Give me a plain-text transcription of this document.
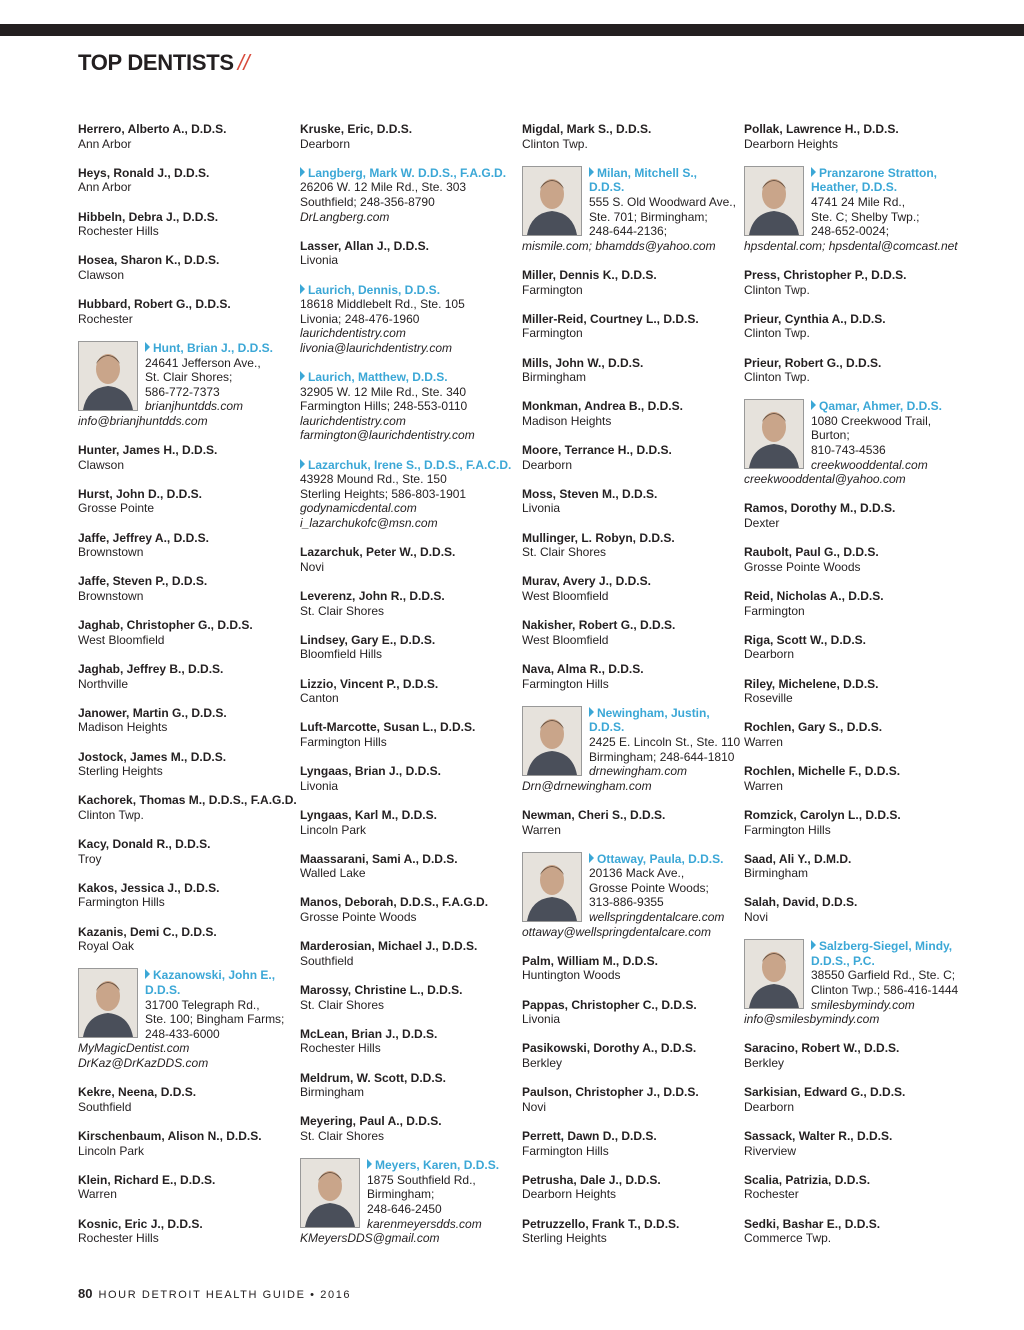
TOP DENTISTS //
Herrero, Alberto A., D.D.S.
Ann Arbor
Heys, Ronald J., D.D.S.
Ann Arbor
Hibbeln, Debra J., D.D.S.
Rochester Hills
Hosea, Sharon K., D.D.S.
Clawson
Hubbard, Robert G., D.D.S.
Rochester
Hunt, Brian J., D.D.S.
24641 Jefferson Ave.,
St. Clair Shores;
586-772-7373
brianjhuntdds.com
info@brianjhuntdds.com
Hunter, James H., D.D.S.
Clawson
Hurst, John D., D.D.S.
Grosse Pointe
Jaffe, Jeffrey A., D.D.S.
Brownstown
Jaffe, Steven P., D.D.S.
Brownstown
Jaghab, Christopher G., D.D.S.
West Bloomfield
Jaghab, Jeffrey B., D.D.S.
Northville
Janower, Martin G., D.D.S.
Madison Heights
Jostock, James M., D.D.S.
Sterling Heights
Kachorek, Thomas M., D.D.S., F.A.G.D.
Clinton Twp.
Kacy, Donald R., D.D.S.
Troy
Kakos, Jessica J., D.D.S.
Farmington Hills
Kazanis, Demi C., D.D.S.
Royal Oak
Kazanowski, John E., D.D.S.
31700 Telegraph Rd.,
Ste. 100; Bingham Farms;
248-433-6000
MyMagicDentist.com
DrKaz@DrKazDDS.com
Kekre, Neena, D.D.S.
Southfield
Kirschenbaum, Alison N., D.D.S.
Lincoln Park
Klein, Richard E., D.D.S.
Warren
Kosnic, Eric J., D.D.S.
Rochester Hills
Kruske, Eric, D.D.S.
Dearborn
Langberg, Mark W. D.D.S., F.A.G.D.
26206 W. 12 Mile Rd., Ste. 303
Southfield; 248-356-8790
DrLangberg.com
Lasser, Allan J., D.D.S.
Livonia
Laurich, Dennis, D.D.S.
18618 Middlebelt Rd., Ste. 105
Livonia; 248-476-1960
laurichdentistry.com
livonia@laurichdentistry.com
Laurich, Matthew, D.D.S.
32905 W. 12 Mile Rd., Ste. 340
Farmington Hills; 248-553-0110
laurichdentistry.com
farmington@laurichdentistry.com
Lazarchuk, Irene S., D.D.S., F.A.C.D.
43928 Mound Rd., Ste. 150
Sterling Heights; 586-803-1901
godynamicdental.com
i_lazarchukofc@msn.com
Lazarchuk, Peter W., D.D.S.
Novi
Leverenz, John R., D.D.S.
St. Clair Shores
Lindsey, Gary E., D.D.S.
Bloomfield Hills
Lizzio, Vincent P., D.D.S.
Canton
Luft-Marcotte, Susan L., D.D.S.
Farmington Hills
Lyngaas, Brian J., D.D.S.
Livonia
Lyngaas, Karl M., D.D.S.
Lincoln Park
Maassarani, Sami A., D.D.S.
Walled Lake
Manos, Deborah, D.D.S., F.A.G.D.
Grosse Pointe Woods
Marderosian, Michael J., D.D.S.
Southfield
Marossy, Christine L., D.D.S.
St. Clair Shores
McLean, Brian J., D.D.S.
Rochester Hills
Meldrum, W. Scott, D.D.S.
Birmingham
Meyering, Paul A., D.D.S.
St. Clair Shores
Meyers, Karen, D.D.S.
1875 Southfield Rd.,
Birmingham;
248-646-2450
karenmeyersdds.com
KMeyersDDS@gmail.com
Migdal, Mark S., D.D.S.
Clinton Twp.
Milan, Mitchell S., D.D.S.
555 S. Old Woodward Ave.,
Ste. 701; Birmingham;
248-644-2136;
mismile.com; bhamdds@yahoo.com
Miller, Dennis K., D.D.S.
Farmington
Miller-Reid, Courtney L., D.D.S.
Farmington
Mills, John W., D.D.S.
Birmingham
Monkman, Andrea B., D.D.S.
Madison Heights
Moore, Terrance H., D.D.S.
Dearborn
Moss, Steven M., D.D.S.
Livonia
Mullinger, L. Robyn, D.D.S.
St. Clair Shores
Murav, Avery J., D.D.S.
West Bloomfield
Nakisher, Robert G., D.D.S.
West Bloomfield
Nava, Alma R., D.D.S.
Farmington Hills
Newingham, Justin, D.D.S.
2425 E. Lincoln St., Ste. 110
Birmingham; 248-644-1810
drnewingham.com
Drn@drnewingham.com
Newman, Cheri S., D.D.S.
Warren
Ottaway, Paula, D.D.S.
20136 Mack Ave.,
Grosse Pointe Woods;
313-886-9355
wellspringdentalcare.com
ottaway@wellspringdentalcare.com
Palm, William M., D.D.S.
Huntington Woods
Pappas, Christopher C., D.D.S.
Livonia
Pasikowski, Dorothy A., D.D.S.
Berkley
Paulson, Christopher J., D.D.S.
Novi
Perrett, Dawn D., D.D.S.
Farmington Hills
Petrusha, Dale J., D.D.S.
Dearborn Heights
Petruzzello, Frank T., D.D.S.
Sterling Heights
Pollak, Lawrence H., D.D.S.
Dearborn Heights
Pranzarone Stratton, Heather, D.D.S.
4741 24 Mile Rd.,
Ste. C; Shelby Twp.;
248-652-0024;
hpsdental.com; hpsdental@comcast.net
Press, Christopher P., D.D.S.
Clinton Twp.
Prieur, Cynthia A., D.D.S.
Clinton Twp.
Prieur, Robert G., D.D.S.
Clinton Twp.
Qamar, Ahmer, D.D.S.
1080 Creekwood Trail,
Burton;
810-743-4536
creekwooddental.com
creekwooddental@yahoo.com
Ramos, Dorothy M., D.D.S.
Dexter
Raubolt, Paul G., D.D.S.
Grosse Pointe Woods
Reid, Nicholas A., D.D.S.
Farmington
Riga, Scott W., D.D.S.
Dearborn
Riley, Michelene, D.D.S.
Roseville
Rochlen, Gary S., D.D.S.
Warren
Rochlen, Michelle F., D.D.S.
Warren
Romzick, Carolyn L., D.D.S.
Farmington Hills
Saad, Ali Y., D.M.D.
Birmingham
Salah, David, D.D.S.
Novi
Salzberg-Siegel, Mindy, D.D.S., P.C.
38550 Garfield Rd., Ste. C;
Clinton Twp.; 586-416-1444
smilesbymindy.com
info@smilesbymindy.com
Saracino, Robert W., D.D.S.
Berkley
Sarkisian, Edward G., D.D.S.
Dearborn
Sassack, Walter R., D.D.S.
Riverview
Scalia, Patrizia, D.D.S.
Rochester
Sedki, Bashar E., D.D.S.
Commerce Twp.
80 HOUR DETROIT HEALTH GUIDE • 2016
